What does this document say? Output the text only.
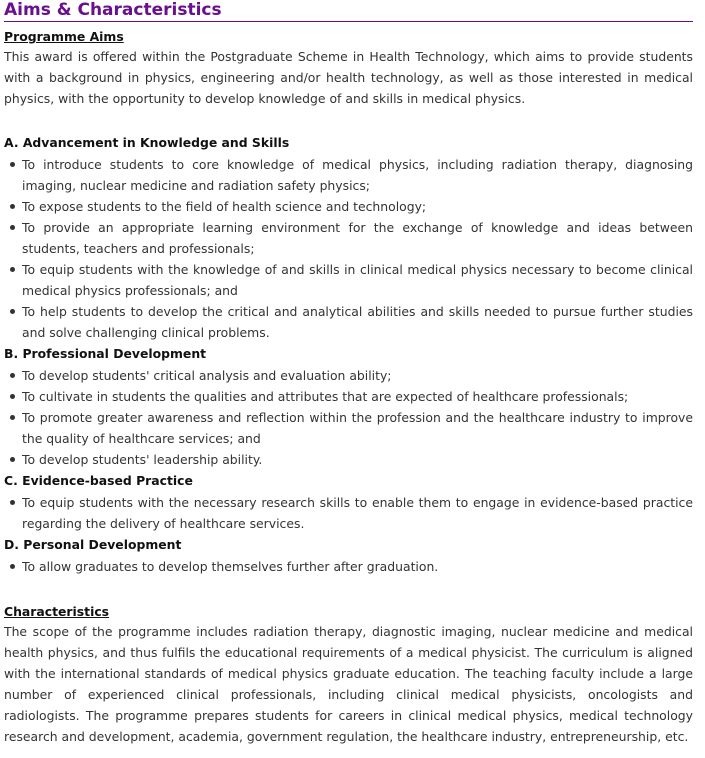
Aims & Characteristics
Programme Aims

This award is offered within the Postgraduate Scheme in Health Technology, which aims to provide students with a background in physics, engineering and/or health technology, as well as those interested in medical physics, with the opportunity to develop knowledge of and skills in medical physics.

A. Advancement in Knowledge and Skills
To introduce students to core knowledge of medical physics, including radiation therapy, diagnosing imaging, nuclear medicine and radiation safety physics;
To expose students to the field of health science and technology;
To provide an appropriate learning environment for the exchange of knowledge and ideas between students, teachers and professionals;
To equip students with the knowledge of and skills in clinical medical physics necessary to become clinical medical physics professionals; and
To help students to develop the critical and analytical abilities and skills needed to pursue further studies and solve challenging clinical problems.
B. Professional Development
To develop students' critical analysis and evaluation ability;
To cultivate in students the qualities and attributes that are expected of healthcare professionals;
To promote greater awareness and reflection within the profession and the healthcare industry to improve the quality of healthcare services; and
To develop students' leadership ability.
C. Evidence-based Practice
To equip students with the necessary research skills to enable them to engage in evidence-based practice regarding the delivery of healthcare services.
D. Personal Development
To allow graduates to develop themselves further after graduation.
Characteristics

The scope of the programme includes radiation therapy, diagnostic imaging, nuclear medicine and medical health physics, and thus fulfils the educational requirements of a medical physicist. The curriculum is aligned with the international standards of medical physics graduate education. The teaching faculty include a large number of experienced clinical professionals, including clinical medical physicists, oncologists and radiologists. The programme prepares students for careers in clinical medical physics, medical technology research and development, academia, government regulation, the healthcare industry, entrepreneurship, etc.
